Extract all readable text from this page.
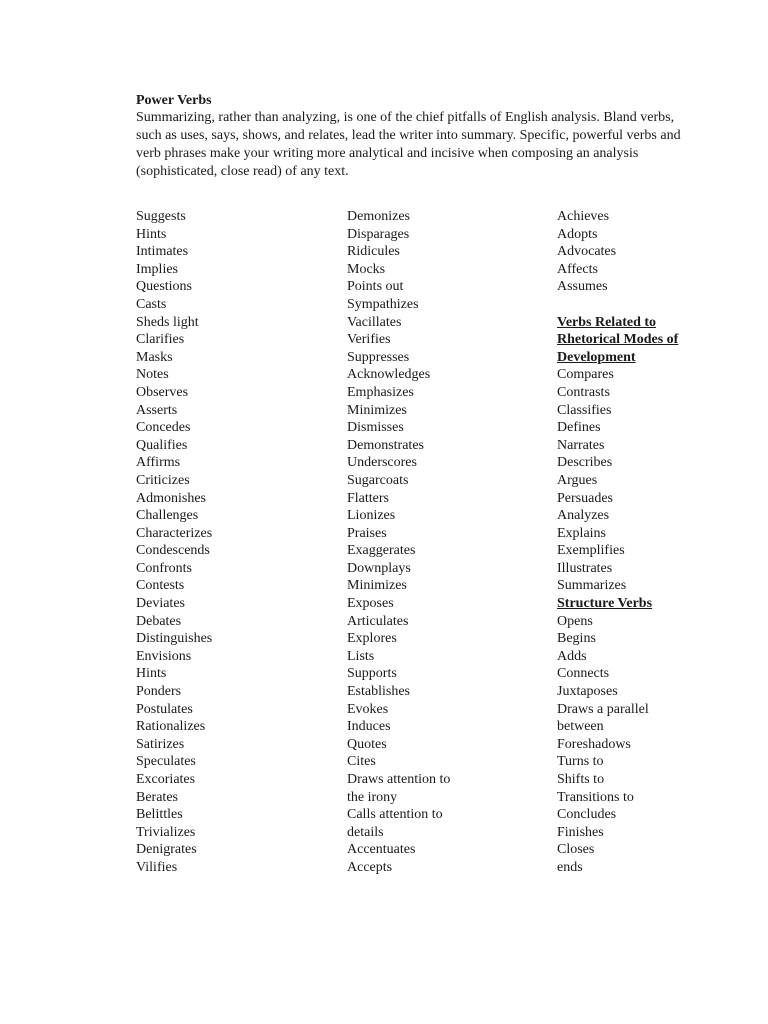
Power Verbs
Summarizing, rather than analyzing, is one of the chief pitfalls of English analysis. Bland verbs,
such as uses, says, shows, and relates, lead the writer into summary. Specific, powerful verbs and
verb phrases make your writing more analytical and incisive when composing an analysis
(sophisticated, close read) of any text.
Suggests
Hints
Intimates
Implies
Questions
Casts
Sheds light
Clarifies
Masks
Notes
Observes
Asserts
Concedes
Qualifies
Affirms
Criticizes
Admonishes
Challenges
Characterizes
Condescends
Confronts
Contests
Deviates
Debates
Distinguishes
Envisions
Hints
Ponders
Postulates
Rationalizes
Satirizes
Speculates
Excoriates
Berates
Belittles
Trivializes
Denigrates
Vilifies
Demonizes
Disparages
Ridicules
Mocks
Points out
Sympathizes
Vacillates
Verifies
Suppresses
Acknowledges
Emphasizes
Minimizes
Dismisses
Demonstrates
Underscores
Sugarcoats
Flatters
Lionizes
Praises
Exaggerates
Downplays
Minimizes
Exposes
Articulates
Explores
Lists
Supports
Establishes
Evokes
Induces
Quotes
Cites
Draws attention to
the irony
Calls attention to
details
Accentuates
Accepts
Achieves
Adopts
Advocates
Affects
Assumes
Verbs Related to
Rhetorical Modes of
Development
Compares
Contrasts
Classifies
Defines
Narrates
Describes
Argues
Persuades
Analyzes
Explains
Exemplifies
Illustrates
Summarizes
Structure Verbs
Opens
Begins
Adds
Connects
Juxtaposes
Draws a parallel
between
Foreshadows
Turns to
Shifts to
Transitions to
Concludes
Finishes
Closes
ends
